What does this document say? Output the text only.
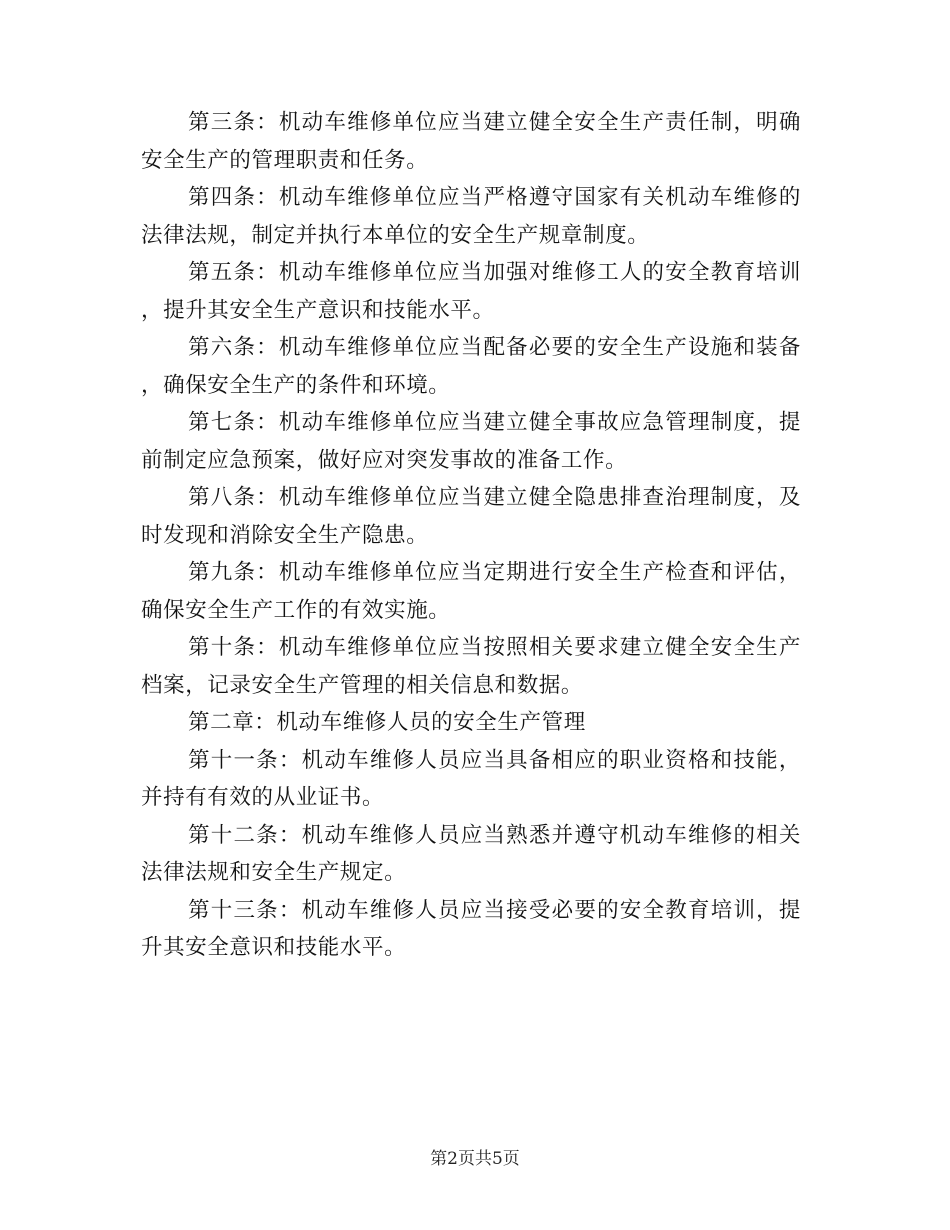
第三条：机动车维修单位应当建立健全安全生产责任制，明确安全生产的管理职责和任务。

第四条：机动车维修单位应当严格遵守国家有关机动车维修的法律法规，制定并执行本单位的安全生产规章制度。

第五条：机动车维修单位应当加强对维修工人的安全教育培训，提升其安全生产意识和技能水平。

第六条：机动车维修单位应当配备必要的安全生产设施和装备，确保安全生产的条件和环境。

第七条：机动车维修单位应当建立健全事故应急管理制度，提前制定应急预案，做好应对突发事故的准备工作。

第八条：机动车维修单位应当建立健全隐患排查治理制度，及时发现和消除安全生产隐患。

第九条：机动车维修单位应当定期进行安全生产检查和评估，确保安全生产工作的有效实施。

第十条：机动车维修单位应当按照相关要求建立健全安全生产档案，记录安全生产管理的相关信息和数据。

第二章：机动车维修人员的安全生产管理

第十一条：机动车维修人员应当具备相应的职业资格和技能，并持有有效的从业证书。

第十二条：机动车维修人员应当熟悉并遵守机动车维修的相关法律法规和安全生产规定。

第十三条：机动车维修人员应当接受必要的安全教育培训，提升其安全意识和技能水平。

第2页共5页
